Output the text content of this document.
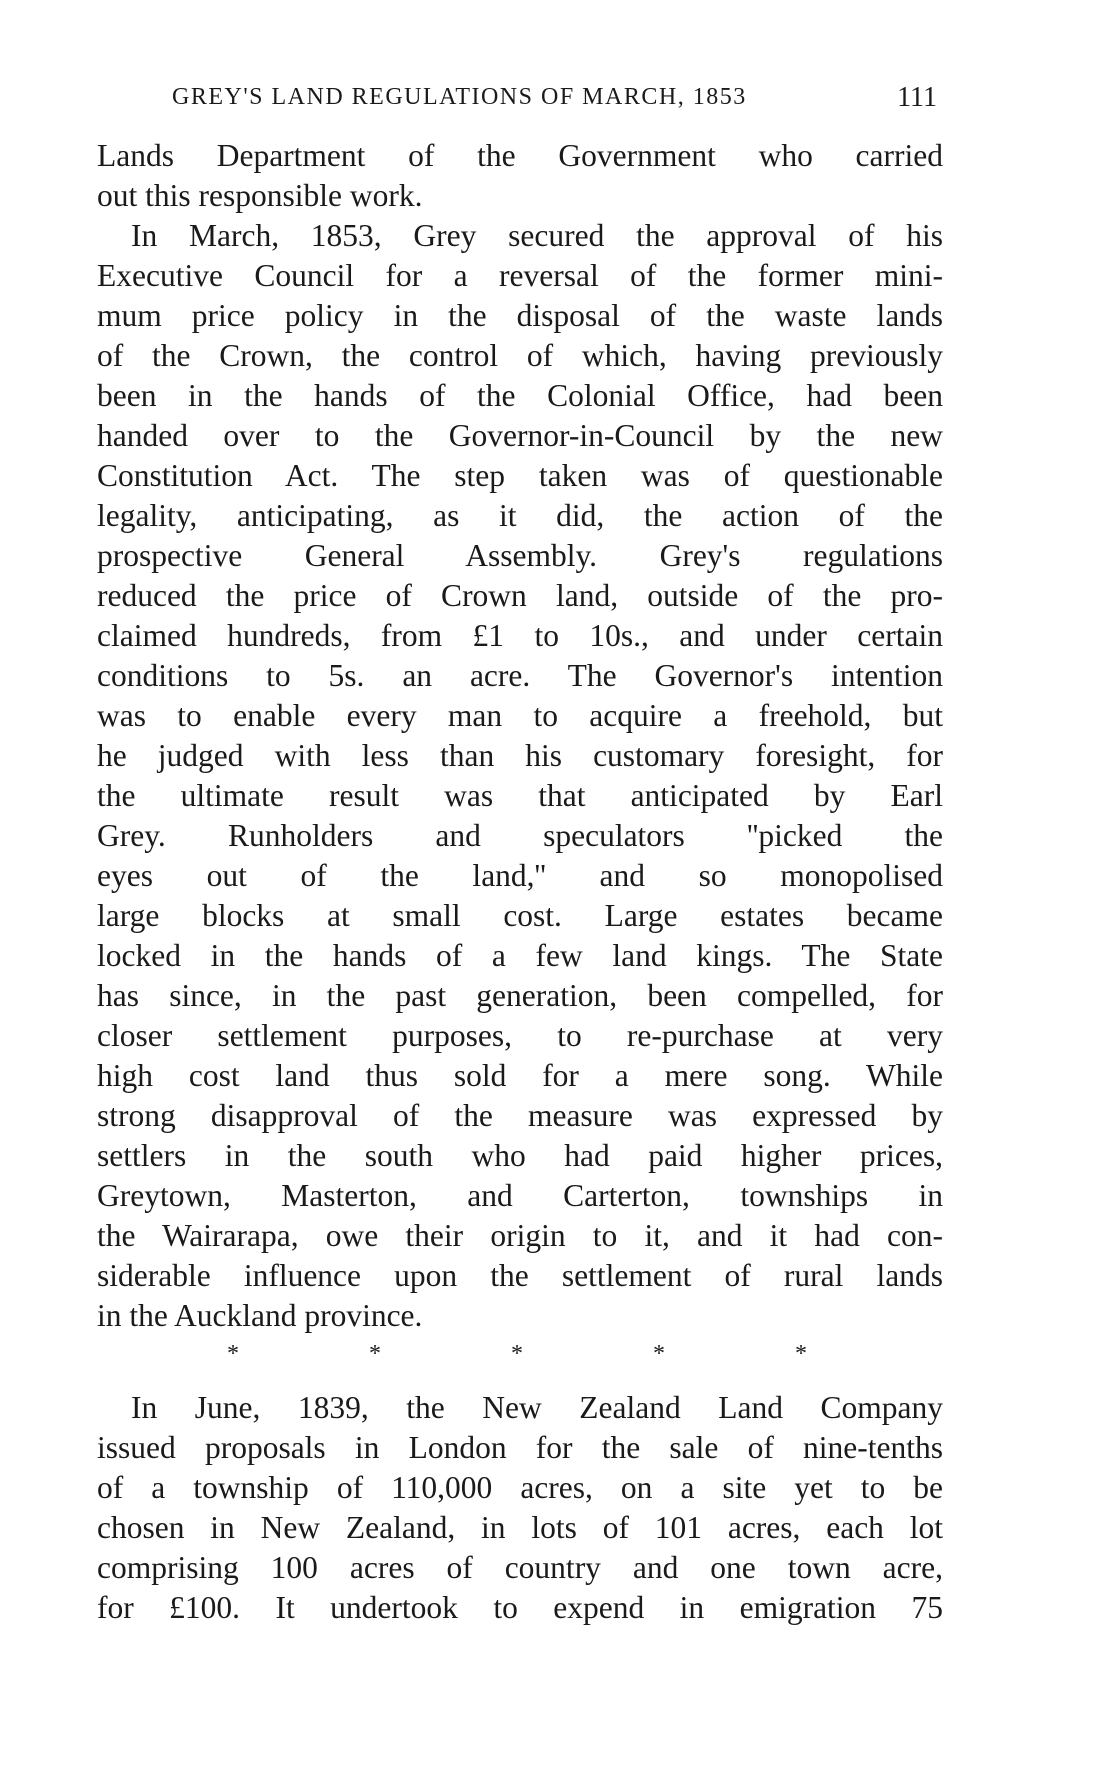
GREY'S LAND REGULATIONS OF MARCH, 1853	111
Lands Department of the Government who carried
out this responsible work.
In March, 1853, Grey secured the approval of his
Executive Council for a reversal of the former mini-
mum price policy in the disposal of the waste lands
of the Crown, the control of which, having previously
been in the hands of the Colonial Office, had been
handed over to the Governor-in-Council by the new
Constitution Act. The step taken was of questionable
legality, anticipating, as it did, the action of the
prospective General Assembly. Grey's regulations
reduced the price of Crown land, outside of the pro-
claimed hundreds, from £1 to 10s., and under certain
conditions to 5s. an acre. The Governor's intention
was to enable every man to acquire a freehold, but
he judged with less than his customary foresight, for
the ultimate result was that anticipated by Earl
Grey. Runholders and speculators ''picked the
eyes out of the land,'' and so monopolised
large blocks at small cost. Large estates became
locked in the hands of a few land kings. The State
has since, in the past generation, been compelled, for
closer settlement purposes, to re-purchase at very
high cost land thus sold for a mere song. While
strong disapproval of the measure was expressed by
settlers in the south who had paid higher prices,
Greytown, Masterton, and Carterton, townships in
the Wairarapa, owe their origin to it, and it had con-
siderable influence upon the settlement of rural lands
in the Auckland province.
*	*	*	*	*
In June, 1839, the New Zealand Land Company
issued proposals in London for the sale of nine-tenths
of a township of 110,000 acres, on a site yet to be
chosen in New Zealand, in lots of 101 acres, each lot
comprising 100 acres of country and one town acre,
for £100. It undertook to expend in emigration 75
